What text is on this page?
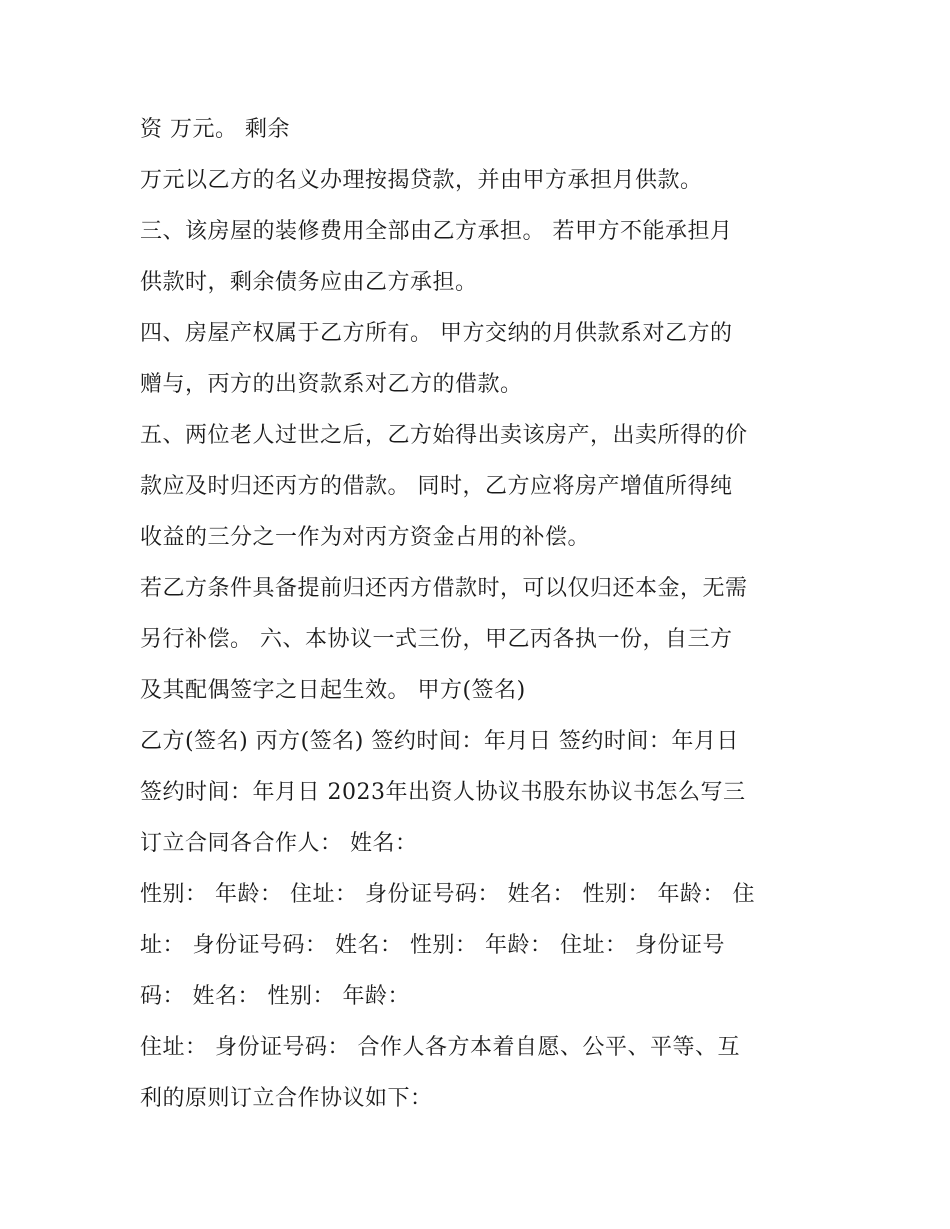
资 万元。 剩余
万元以乙方的名义办理按揭贷款，并由甲方承担月供款。
三、该房屋的装修费用全部由乙方承担。 若甲方不能承担月
供款时，剩余债务应由乙方承担。
四、房屋产权属于乙方所有。 甲方交纳的月供款系对乙方的
赠与，丙方的出资款系对乙方的借款。
五、两位老人过世之后，乙方始得出卖该房产，出卖所得的价
款应及时归还丙方的借款。 同时，乙方应将房产增值所得纯
收益的三分之一作为对丙方资金占用的补偿。
若乙方条件具备提前归还丙方借款时，可以仅归还本金，无需
另行补偿。 六、本协议一式三份，甲乙丙各执一份，自三方
及其配偶签字之日起生效。 甲方(签名)
乙方(签名) 丙方(签名) 签约时间：年月日 签约时间：年月日
签约时间：年月日 2023年出资人协议书股东协议书怎么写三
订立合同各合作人： 姓名：
性别： 年龄： 住址： 身份证号码： 姓名： 性别： 年龄： 住
址： 身份证号码： 姓名： 性别： 年龄： 住址： 身份证号
码： 姓名： 性别： 年龄：
住址： 身份证号码： 合作人各方本着自愿、公平、平等、互
利的原则订立合作协议如下：
